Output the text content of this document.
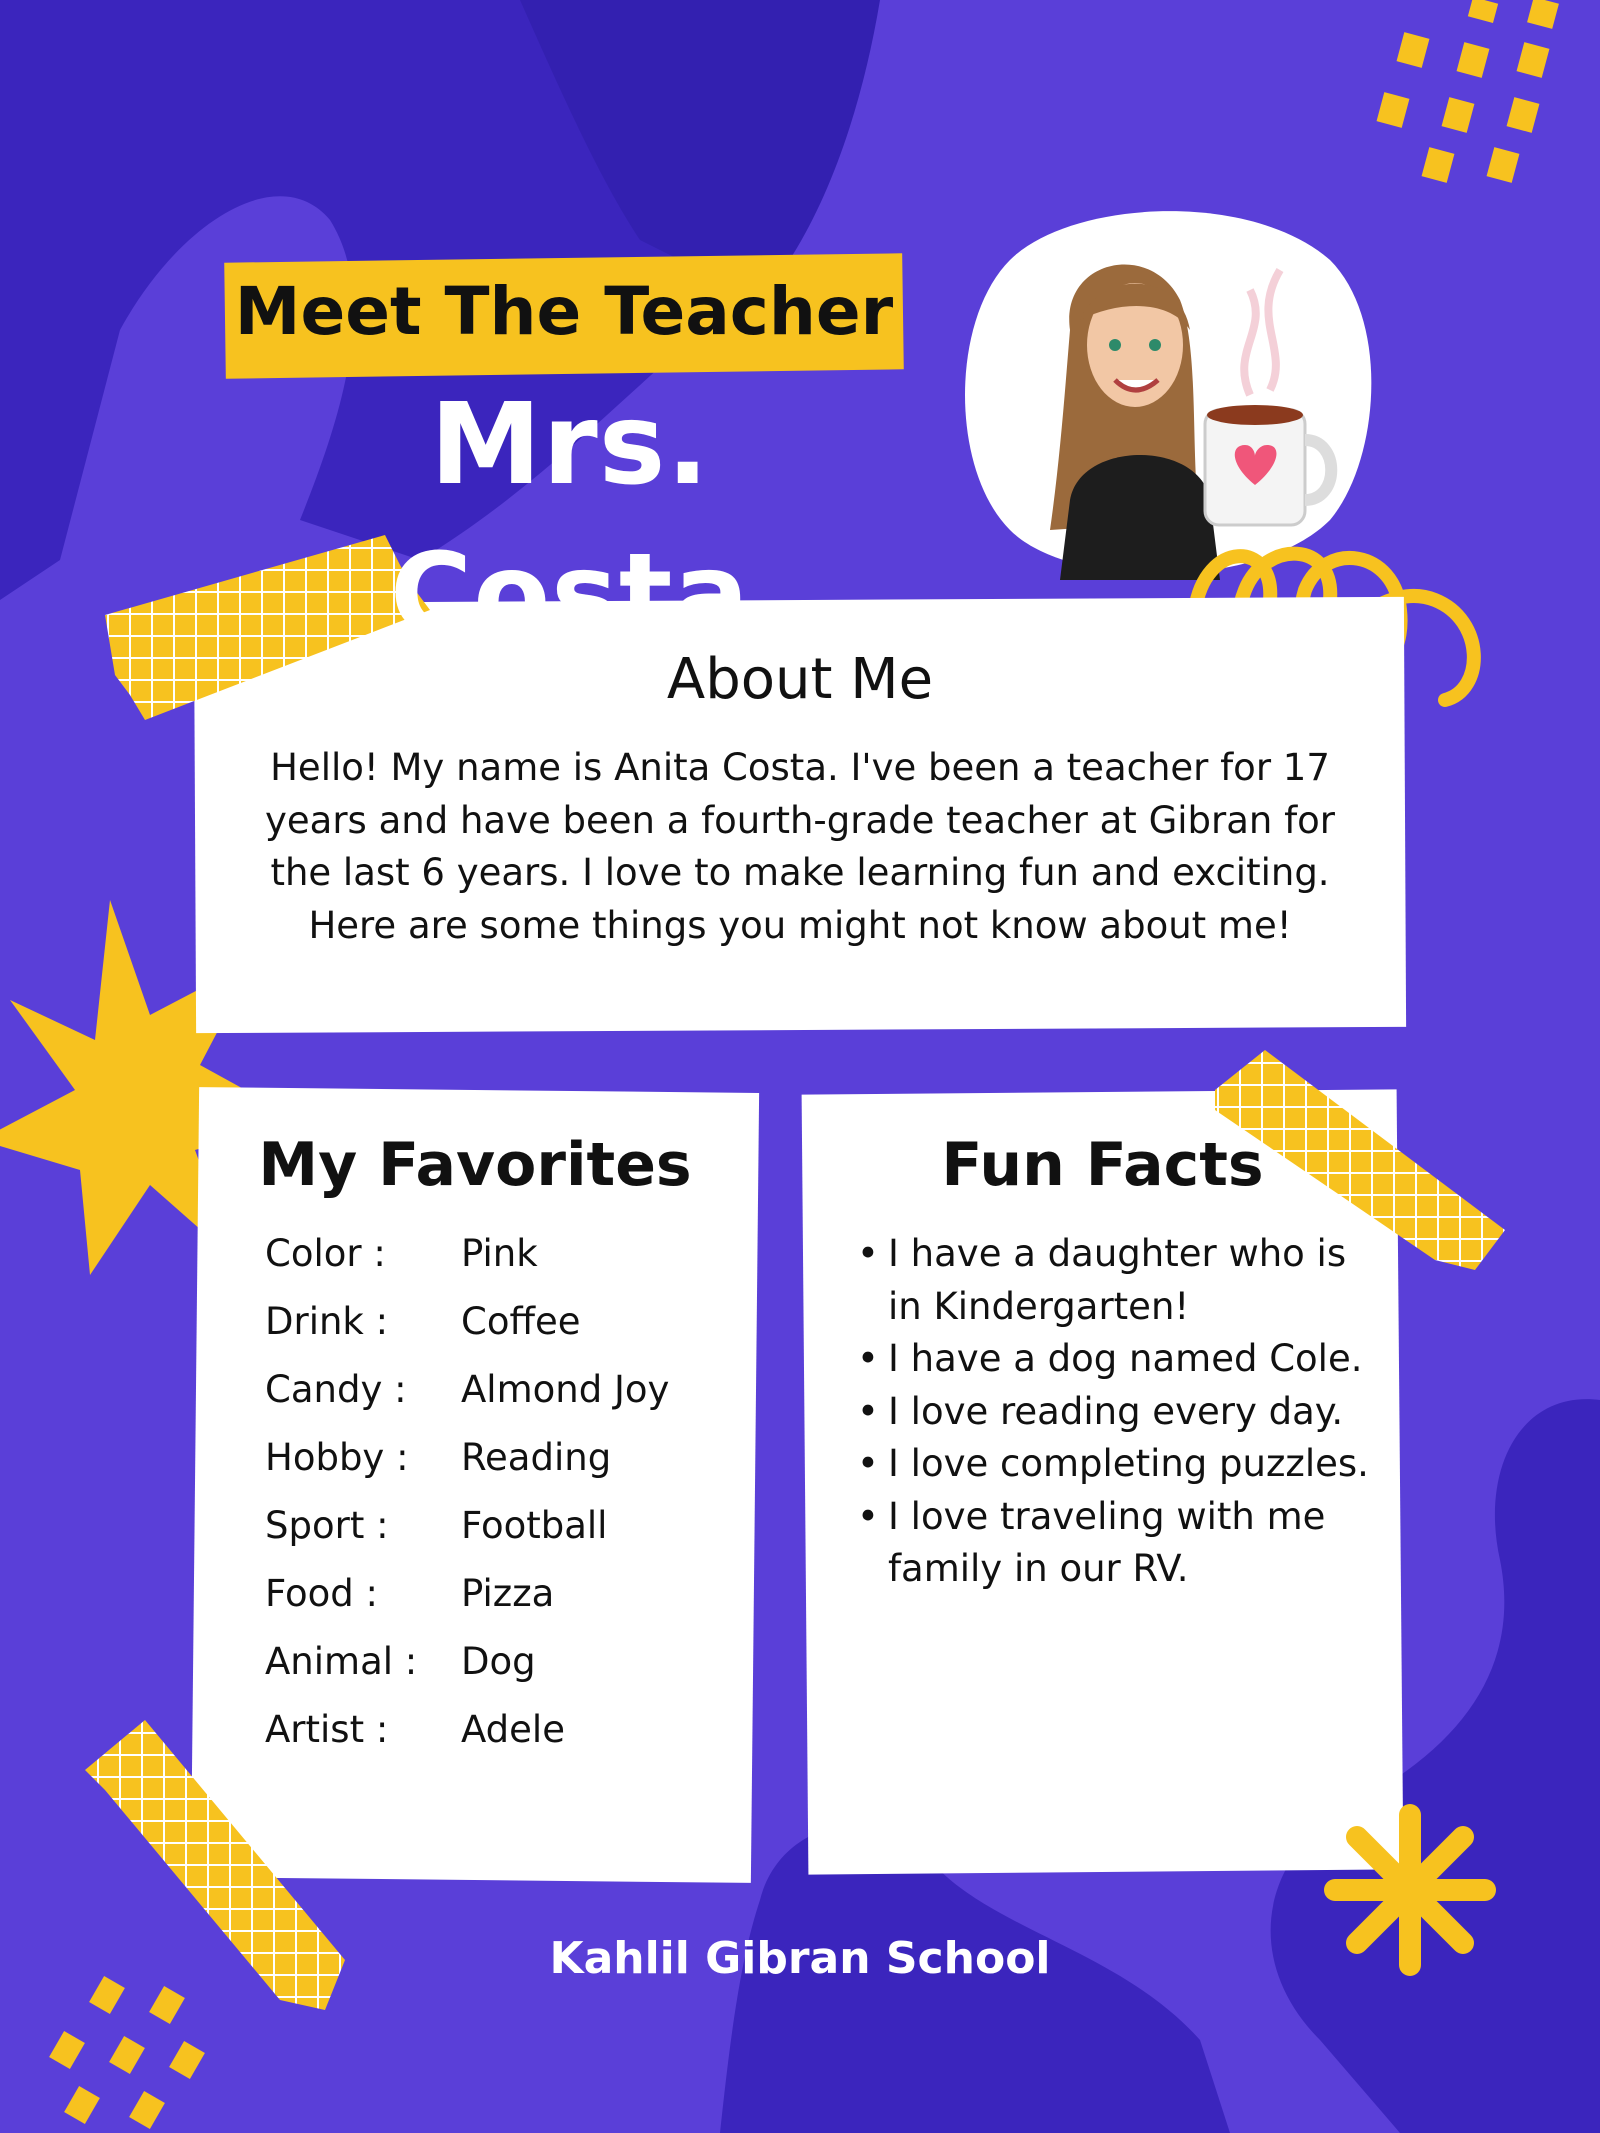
Meet The Teacher
Mrs. Costa
About Me
Hello! My name is Anita Costa. I've been a teacher for 17 years and have been a fourth-grade teacher at Gibran for the last 6 years. I love to make learning fun and exciting. Here are some things you might not know about me!
My Favorites
Color :	Pink
Drink :	Coffee
Candy :	Almond Joy
Hobby :	Reading
Sport :	Football
Food :	Pizza
Animal :	Dog
Artist :	Adele
Fun Facts
• I have a daughter who is in Kindergarten!
• I have a dog named Cole.
• I love reading every day.
• I love completing puzzles.
• I love traveling with me family in our RV.
Kahlil Gibran School
